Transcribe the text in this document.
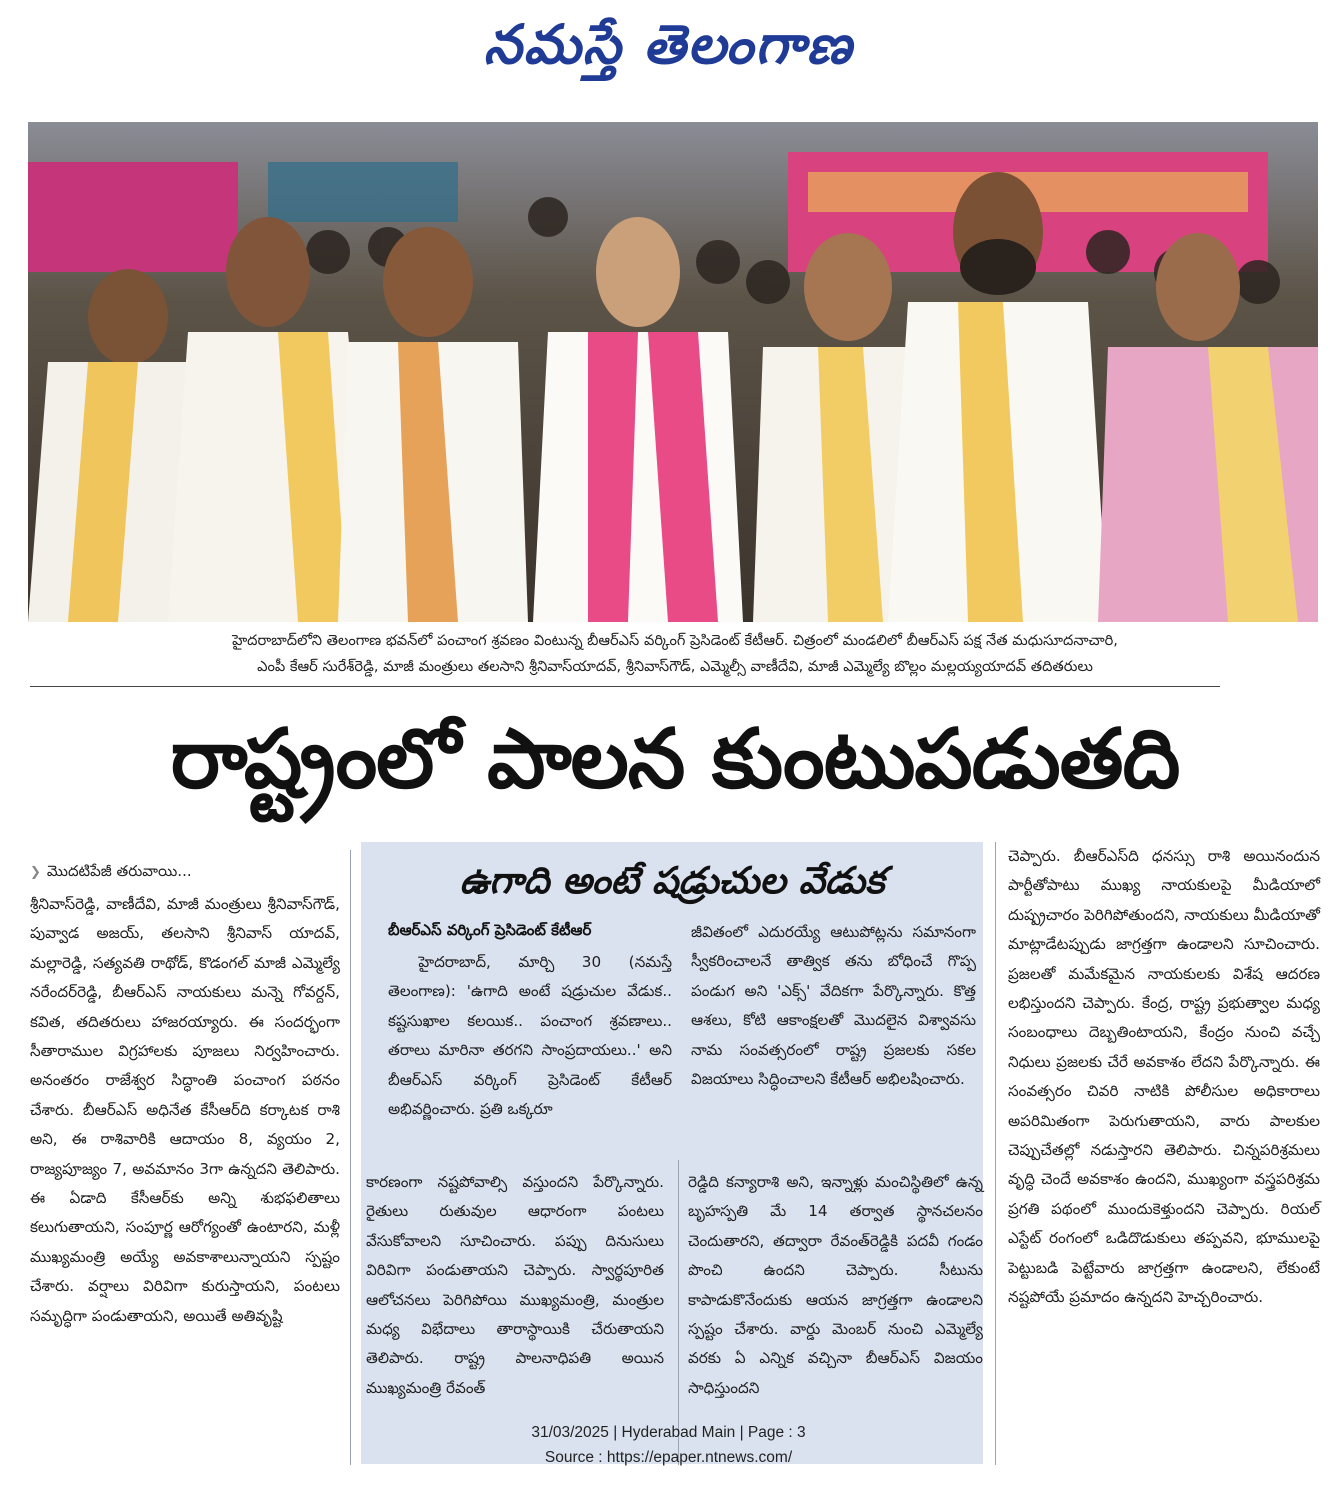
నమస్తే తెలంగాణ
హైదరాబాద్‌లోని తెలంగాణ భవన్‌లో పంచాంగ శ్రవణం వింటున్న బీఆర్‌ఎస్ వర్కింగ్ ప్రెసిడెంట్ కేటీఆర్. చిత్రంలో మండలిలో బీఆర్‌ఎస్ పక్ష నేత మధుసూదనాచారి,
ఎంపీ కేఆర్ సురేశ్‌రెడ్డి, మాజీ మంత్రులు తలసాని శ్రీనివాస్‌యాదవ్, శ్రీనివాస్‌గౌడ్, ఎమ్మెల్సీ వాణీదేవి, మాజీ ఎమ్మెల్యే బొల్లం మల్లయ్యయాదవ్ తదితరులు
రాష్ట్రంలో పాలన కుంటుపడుతది
❯ మొదటిపేజీ తరువాయి...

శ్రీనివాస్‌రెడ్డి, వాణీదేవి, మాజీ మంత్రులు శ్రీనివాస్‌గౌడ్, పువ్వాడ అజయ్, తలసాని శ్రీనివాస్ యాదవ్, మల్లారెడ్డి, సత్యవతి రాథోడ్, కొడంగల్ మాజీ ఎమ్మెల్యే నరేందర్‌రెడ్డి, బీఆర్‌ఎస్ నాయకులు మన్నె గోవర్దన్, కవిత, తదితరులు హాజరయ్యారు. ఈ సందర్భంగా సీతారాముల విగ్రహాలకు పూజలు నిర్వహించారు. అనంతరం రాజేశ్వర సిద్ధాంతి పంచాంగ పఠనం చేశారు. బీఆర్‌ఎస్ అధినేత కేసీఆర్‌ది కర్కాటక రాశి అని, ఈ రాశివారికి ఆదాయం 8, వ్యయం 2, రాజ్యపూజ్యం 7, అవమానం 3గా ఉన్నదని తెలిపారు. ఈ ఏడాది కేసీఆర్‌కు అన్ని శుభఫలితాలు కలుగుతాయని, సంపూర్ణ ఆరోగ్యంతో ఉంటారని, మళ్లీ ముఖ్యమంత్రి అయ్యే అవకాశాలున్నాయని స్పష్టం చేశారు. వర్షాలు విరివిగా కురుస్తాయని, పంటలు సమృద్ధిగా పండుతాయని, అయితే అతివృష్టి

ఉగాది అంటే షడ్రుచుల వేడుక
బీఆర్‌ఎస్ వర్కింగ్ ప్రెసిడెంట్ కేటీఆర్

హైదరాబాద్, మార్చి 30 (నమస్తే తెలంగాణ): 'ఉగాది అంటే షడ్రుచుల వేడుక.. కష్టసుఖాల కలయిక.. పంచాంగ శ్రవణాలు.. తరాలు మారినా తరగని సాంప్రదాయలు..' అని బీఆర్‌ఎస్ వర్కింగ్ ప్రెసిడెంట్ కేటీఆర్ అభివర్ణించారు. ప్రతి ఒక్కరూ

జీవితంలో ఎదురయ్యే ఆటుపోట్లను సమానంగా స్వీకరించాలనే తాత్విక తను బోధించే గొప్ప పండుగ అని 'ఎక్స్' వేదికగా పేర్కొన్నారు. కొత్త ఆశలు, కోటి ఆకాంక్షలతో మొదలైన విశ్వావసు నామ సంవత్సరంలో రాష్ట్ర ప్రజలకు సకల విజయాలు సిద్ధించాలని కేటీఆర్ అభిలషించారు.

కారణంగా నష్టపోవాల్సి వస్తుందని పేర్కొన్నారు. రైతులు రుతువుల ఆధారంగా పంటలు వేసుకోవాలని సూచించారు. పప్పు దినుసులు విరివిగా పండుతాయని చెప్పారు. స్వార్థపూరిత ఆలోచనలు పెరిగిపోయి ముఖ్యమంత్రి, మంత్రుల మధ్య విభేదాలు తారాస్థాయికి చేరుతాయని తెలిపారు. రాష్ట్ర పాలనాధిపతి అయిన ముఖ్యమంత్రి రేవంత్

రెడ్డిది కన్యారాశి అని, ఇన్నాళ్లు మంచిస్థితిలో ఉన్న బృహస్పతి మే 14 తర్వాత స్థానచలనం చెందుతారని, తద్వారా రేవంత్‌రెడ్డికి పదవీ గండం పొంచి ఉందని చెప్పారు. సీటును కాపాడుకొనేందుకు ఆయన జాగ్రత్తగా ఉండాలని స్పష్టం చేశారు. వార్డు మెంబర్ నుంచి ఎమ్మెల్యే వరకు ఏ ఎన్నిక వచ్చినా బీఆర్‌ఎస్ విజయం సాధిస్తుందని

చెప్పారు. బీఆర్‌ఎస్‌ది ధనస్సు రాశి అయినందున పార్టీతోపాటు ముఖ్య నాయకులపై మీడియాలో దుష్ప్రచారం పెరిగిపోతుందని, నాయకులు మీడియాతో మాట్లాడేటప్పుడు జాగ్రత్తగా ఉండాలని సూచించారు. ప్రజలతో మమేకమైన నాయకులకు విశేష ఆదరణ లభిస్తుందని చెప్పారు. కేంద్ర, రాష్ట్ర ప్రభుత్వాల మధ్య సంబంధాలు దెబ్బతింటాయని, కేంద్రం నుంచి వచ్చే నిధులు ప్రజలకు చేరే అవకాశం లేదని పేర్కొన్నారు. ఈ సంవత్సరం చివరి నాటికి పోలీసుల అధికారాలు అపరిమితంగా పెరుగుతాయని, వారు పాలకుల చెప్పుచేతల్లో నడుస్తారని తెలిపారు. చిన్నపరిశ్రమలు వృద్ధి చెందే అవకాశం ఉందని, ముఖ్యంగా వస్త్రపరిశ్రమ ప్రగతి పథంలో ముందుకెళ్తుందని చెప్పారు. రియల్ ఎస్టేట్ రంగంలో ఒడిదొడుకులు తప్పవని, భూములపై పెట్టుబడి పెట్టేవారు జాగ్రత్తగా ఉండాలని, లేకుంటే నష్టపోయే ప్రమాదం ఉన్నదని హెచ్చరించారు.

31/03/2025 | Hyderabad Main | Page : 3
Source : https://epaper.ntnews.com/
